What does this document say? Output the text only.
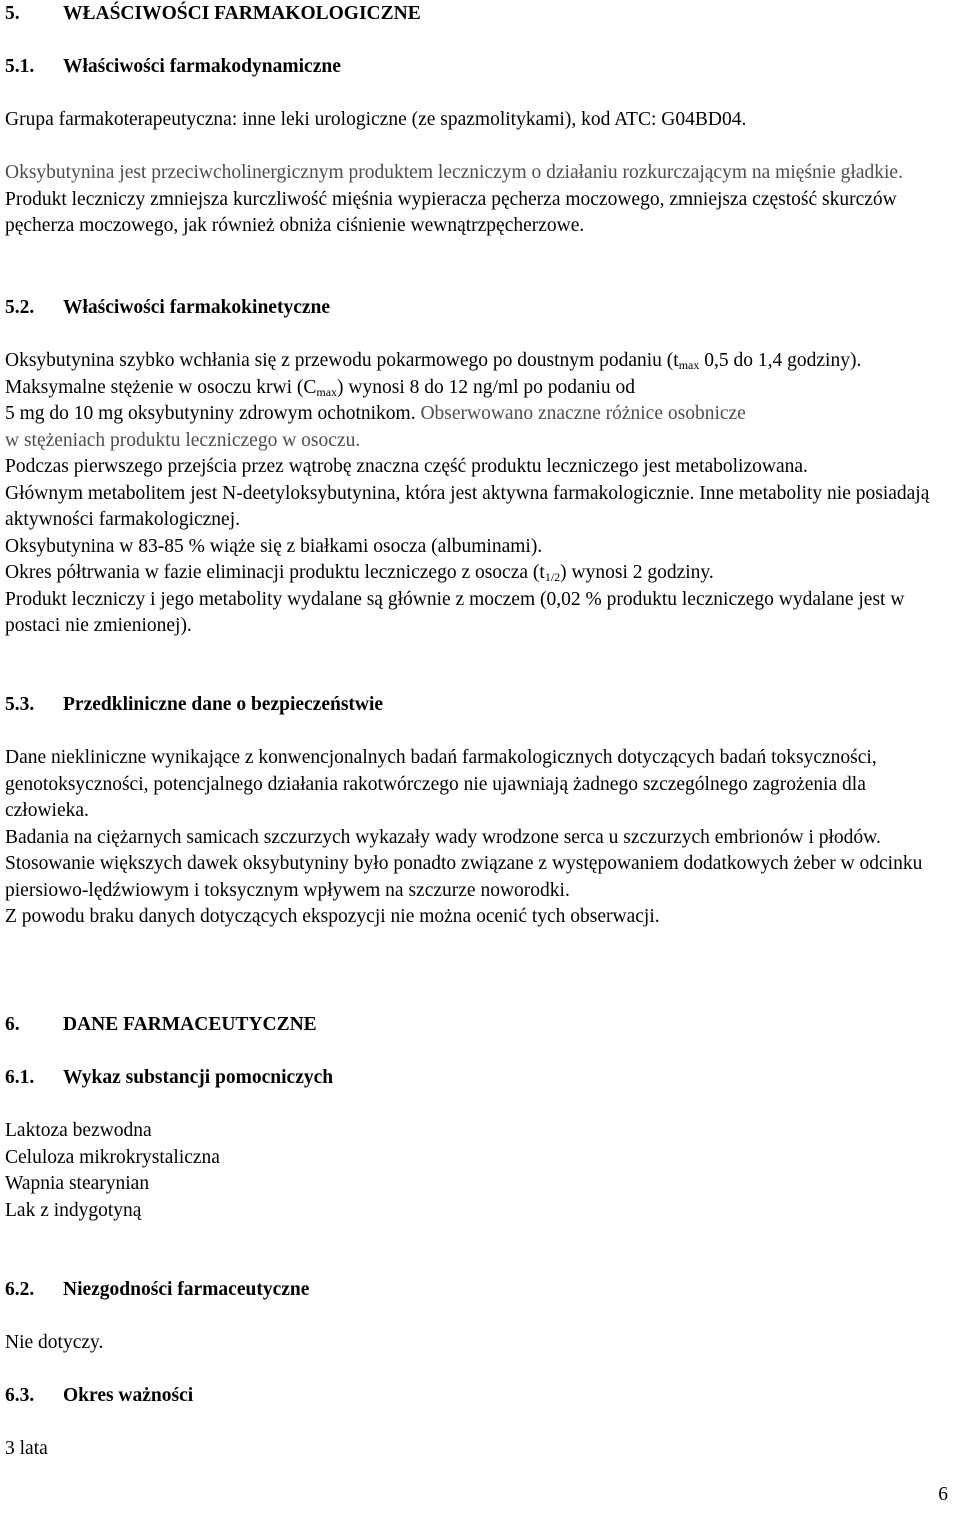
5. WŁAŚCIWOŚCI FARMAKOLOGICZNE
5.1. Właściwości farmakodynamiczne

Grupa farmakoterapeutyczna: inne leki urologiczne (ze spazmolitykami), kod ATC: G04BD04.

Oksybutynina jest przeciwcholinergicznym produktem leczniczym o działaniu rozkurczającym na mięśnie gładkie. Produkt leczniczy zmniejsza kurczliwość mięśnia wypieracza pęcherza moczowego, zmniejsza częstość skurczów pęcherza moczowego, jak również obniża ciśnienie wewnątrzpęcherzowe.

5.2. Właściwości farmakokinetyczne
Oksybutynina szybko wchłania się z przewodu pokarmowego po doustnym podaniu ($t_{max}$ 0,5 do 1,4 godziny).
Maksymalne stężenie w osoczu krwi $(C_{max})$ wynosi 8 do 12 ng/ml po podaniu od
5 mg do 10 mg oksybutyniny zdrowym ochotnikom. Obserwowano znaczne różnice osobnicze
w stężeniach produktu leczniczego w osoczu.
Podczas pierwszego przejścia przez wątrobę znaczna część produktu leczniczego jest metabolizowana.
Głównym metabolitem jest N-deetyloksybutynina, która jest aktywna farmakologicznie. Inne metabolity nie posiadają aktywności farmakologicznej.
Oksybutynina w 83-85 % wiąże się z białkami osocza (albuminami).
Okres półtrwania w fazie eliminacji produktu leczniczego z osocza $(t_{1/2})$ wynosi 2 godziny.
Produkt leczniczy i jego metabolity wydalane są głównie z moczem (0,02 % produktu leczniczego wydalane jest w postaci nie zmienionej).
5.3. Przedkliniczne dane o bezpieczeństwie
Dane niekliniczne wynikające z konwencjonalnych badań farmakologicznych dotyczących badań toksyczności, genotoksyczności, potencjalnego działania rakotwórczego nie ujawniają żadnego szczególnego zagrożenia dla człowieka.
Badania na ciężarnych samicach szczurzych wykazały wady wrodzone serca u szczurzych embrionów i płodów. Stosowanie większych dawek oksybutyniny było ponadto związane z występowaniem dodatkowych żeber w odcinku piersiowo-lędźwiowym i toksycznym wpływem na szczurze noworodki.
Z powodu braku danych dotyczących ekspozycji nie można ocenić tych obserwacji.
6. DANE FARMACEUTYCZNE
6.1. Wykaz substancji pomocniczych
Laktoza bezwodna
Celuloza mikrokrystaliczna
Wapnia stearynian
Lak z indygotyną
6.2. Niezgodności farmaceutyczne

Nie dotyczy.

6.3. Okres ważności

3 lata

6
